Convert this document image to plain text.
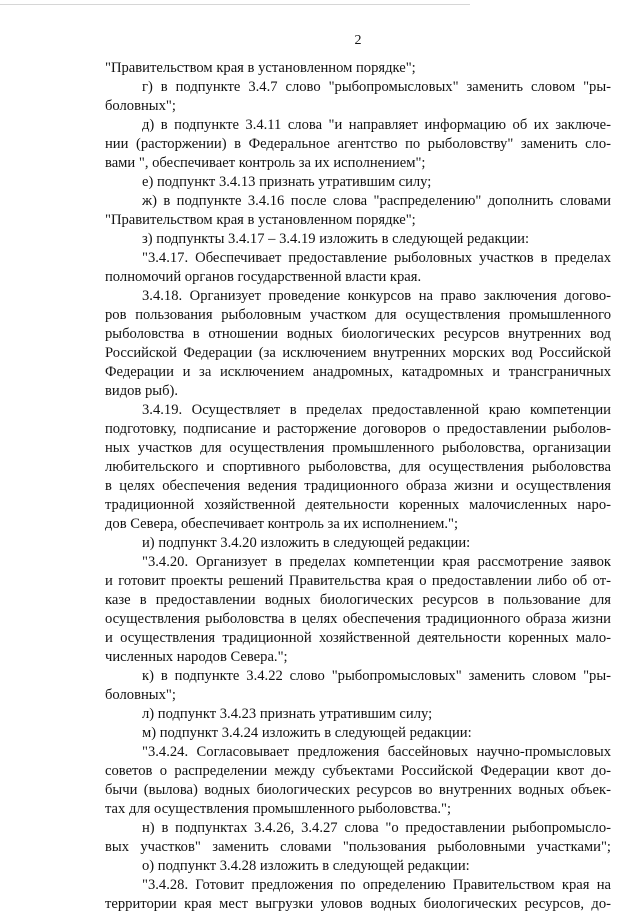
2

"Правительством края в установленном порядке";
г) в подпункте 3.4.7 слово "рыбопромысловых" заменить словом "ры-
боловных";
д) в подпункте 3.4.11 слова "и направляет информацию об их заключе-
нии (расторжении) в Федеральное агентство по рыболовству" заменить сло-
вами ", обеспечивает контроль за их исполнением";
е) подпункт 3.4.13 признать утратившим силу;
ж) в подпункте 3.4.16 после слова "распределению" дополнить словами
"Правительством края в установленном порядке";
з) подпункты 3.4.17 – 3.4.19 изложить в следующей редакции:
"3.4.17. Обеспечивает предоставление рыболовных участков в пределах
полномочий органов государственной власти края.
3.4.18. Организует проведение конкурсов на право заключения догово-
ров пользования рыболовным участком для осуществления промышленного
рыболовства в отношении водных биологических ресурсов внутренних вод
Российской Федерации (за исключением внутренних морских вод Российской
Федерации и за исключением анадромных, катадромных и трансграничных
видов рыб).
3.4.19. Осуществляет в пределах предоставленной краю компетенции
подготовку, подписание и расторжение договоров о предоставлении рыболов-
ных участков для осуществления промышленного рыболовства, организации
любительского и спортивного рыболовства, для осуществления рыболовства
в целях обеспечения ведения традиционного образа жизни и осуществления
традиционной хозяйственной деятельности коренных малочисленных наро-
дов Севера, обеспечивает контроль за их исполнением.";
и) подпункт 3.4.20 изложить в следующей редакции:
"3.4.20. Организует в пределах компетенции края рассмотрение заявок
и готовит проекты решений Правительства края о предоставлении либо об от-
казе в предоставлении водных биологических ресурсов в пользование для
осуществления рыболовства в целях обеспечения традиционного образа жизни
и осуществления традиционной хозяйственной деятельности коренных мало-
численных народов Севера.";
к) в подпункте 3.4.22 слово "рыбопромысловых" заменить словом "ры-
боловных";
л) подпункт 3.4.23 признать утратившим силу;
м) подпункт 3.4.24 изложить в следующей редакции:
"3.4.24. Согласовывает предложения бассейновых научно-промысловых
советов о распределении между субъектами Российской Федерации квот до-
бычи (вылова) водных биологических ресурсов во внутренних водных объек-
тах для осуществления промышленного рыболовства.";
н) в подпунктах 3.4.26, 3.4.27 слова "о предоставлении рыбопромысло-
вых участков" заменить словами "пользования рыболовными участками";
о) подпункт 3.4.28 изложить в следующей редакции:
"3.4.28. Готовит предложения по определению Правительством края на
территории края мест выгрузки уловов водных биологических ресурсов, до-
